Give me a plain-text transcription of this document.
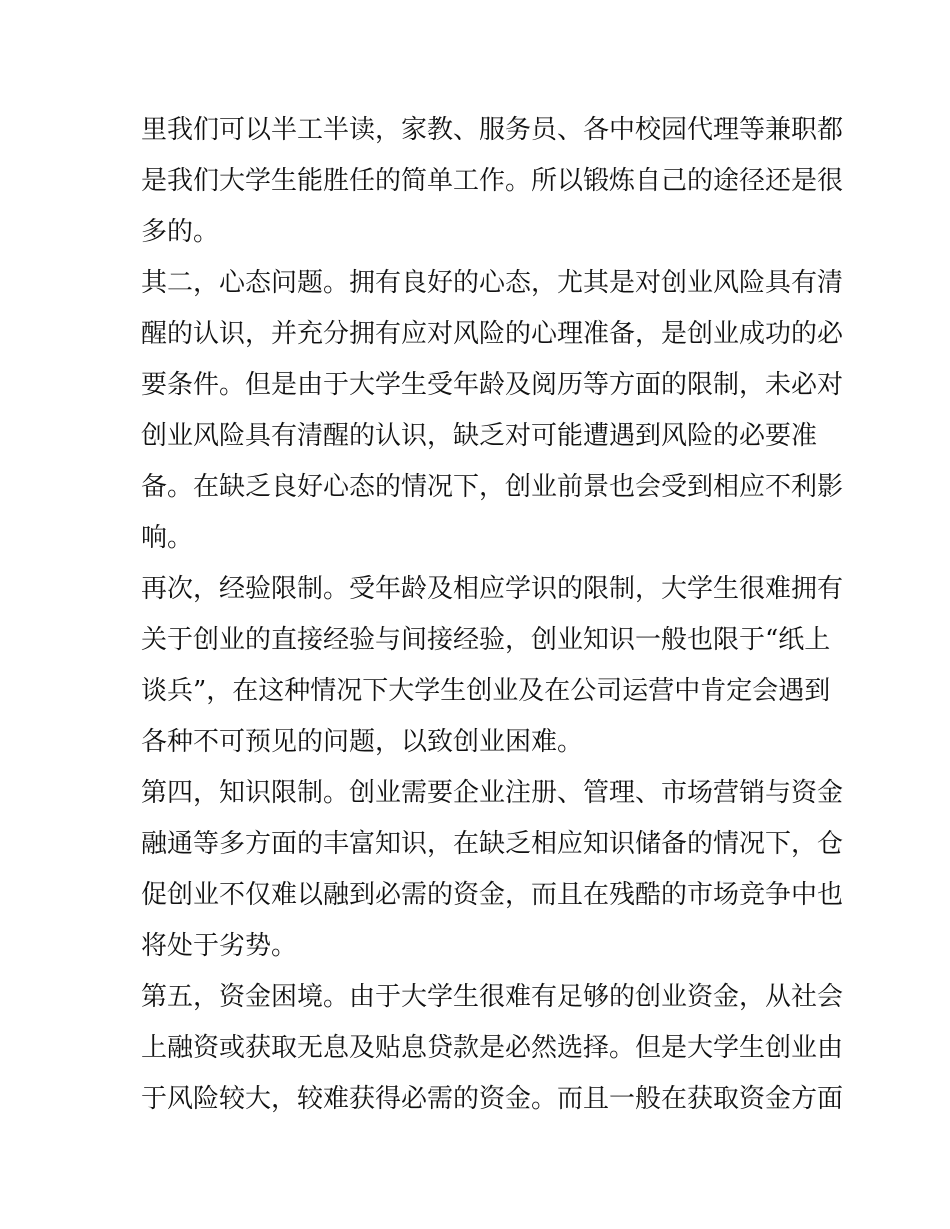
里我们可以半工半读，家教、服务员、各中校园代理等兼职都
是我们大学生能胜任的简单工作。所以锻炼自己的途径还是很
多的。
其二，心态问题。拥有良好的心态，尤其是对创业风险具有清
醒的认识，并充分拥有应对风险的心理准备，是创业成功的必
要条件。但是由于大学生受年龄及阅历等方面的限制，未必对
创业风险具有清醒的认识，缺乏对可能遭遇到风险的必要准
备。在缺乏良好心态的情况下，创业前景也会受到相应不利影
响。
再次，经验限制。受年龄及相应学识的限制，大学生很难拥有
关于创业的直接经验与间接经验，创业知识一般也限于“纸上
谈兵”，在这种情况下大学生创业及在公司运营中肯定会遇到
各种不可预见的问题，以致创业困难。
第四，知识限制。创业需要企业注册、管理、市场营销与资金
融通等多方面的丰富知识，在缺乏相应知识储备的情况下，仓
促创业不仅难以融到必需的资金，而且在残酷的市场竞争中也
将处于劣势。
第五，资金困境。由于大学生很难有足够的创业资金，从社会
上融资或获取无息及贴息贷款是必然选择。但是大学生创业由
于风险较大，较难获得必需的资金。而且一般在获取资金方面
